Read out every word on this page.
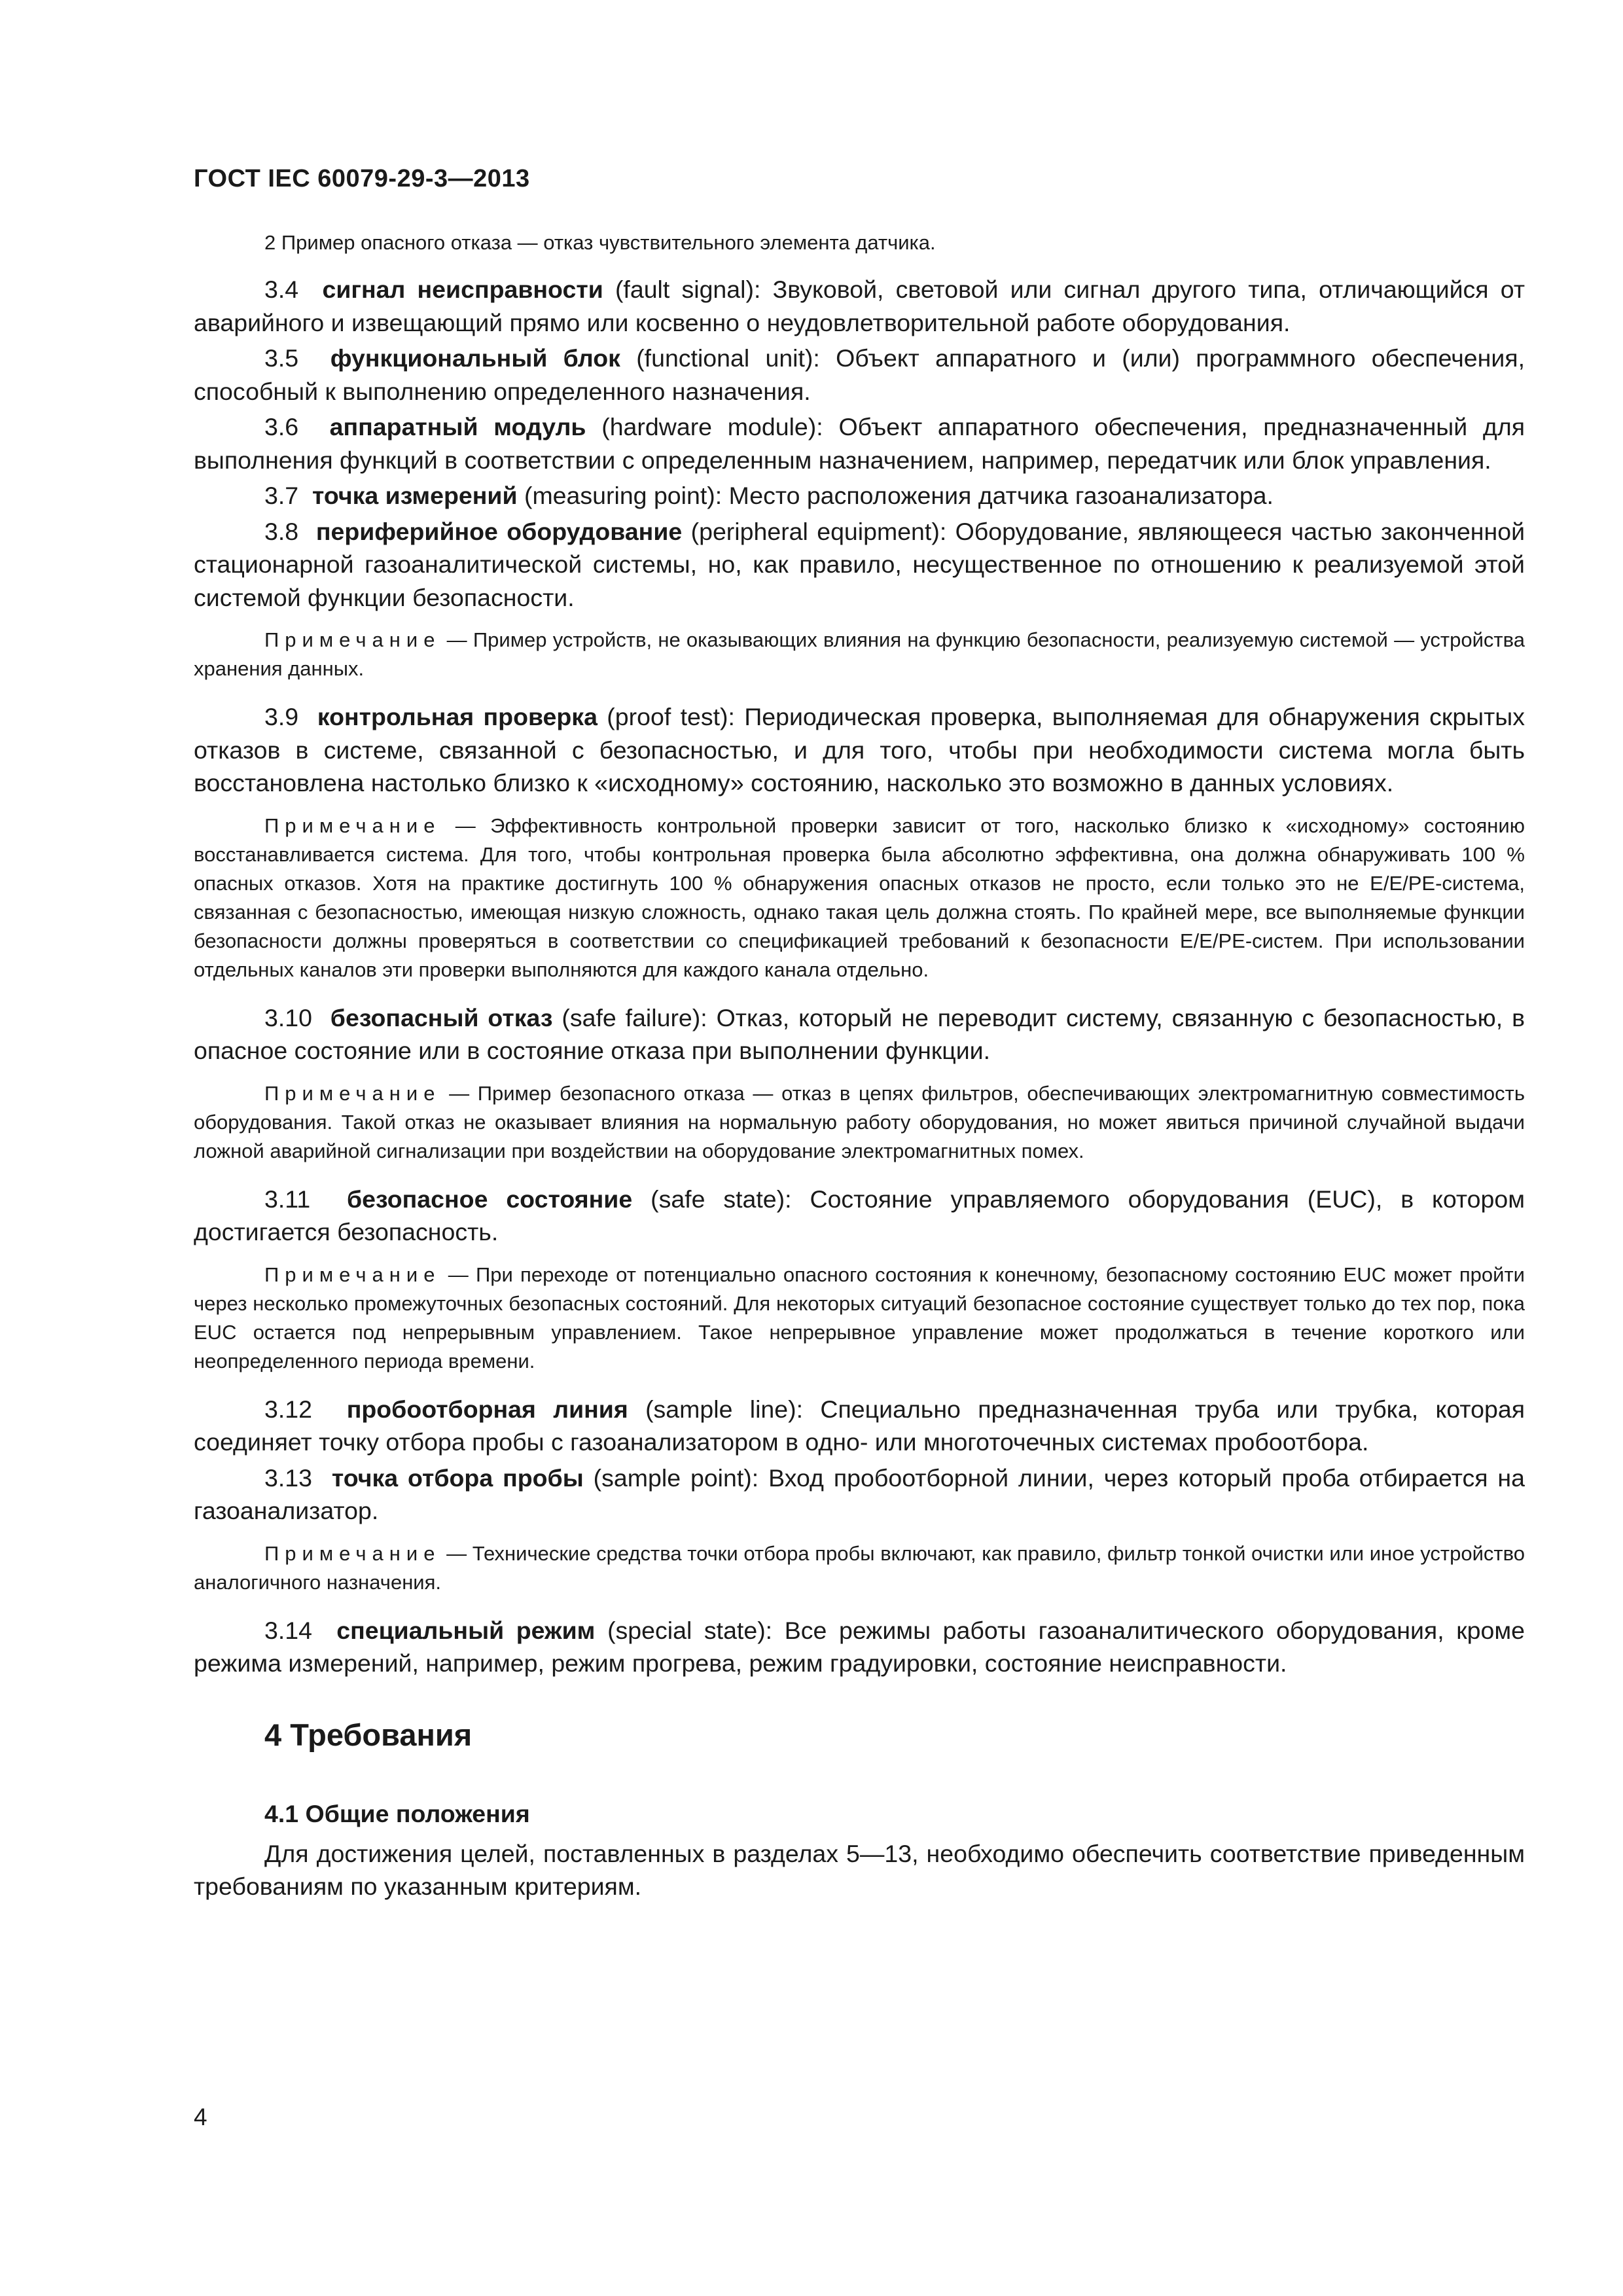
ГОСТ IEC 60079-29-3—2013

2 Пример опасного отказа — отказ чувствительного элемента датчика.

3.4 сигнал неисправности (fault signal): Звуковой, световой или сигнал другого типа, отличающийся от аварийного и извещающий прямо или косвенно о неудовлетворительной работе оборудования.

3.5 функциональный блок (functional unit): Объект аппаратного и (или) программного обеспечения, способный к выполнению определенного назначения.

3.6 аппаратный модуль (hardware module): Объект аппаратного обеспечения, предназначенный для выполнения функций в соответствии с определенным назначением, например, передатчик или блок управления.

3.7 точка измерений (measuring point): Место расположения датчика газоанализатора.

3.8 периферийное оборудование (peripheral equipment): Оборудование, являющееся частью законченной стационарной газоаналитической системы, но, как правило, несущественное по отношению к реализуемой этой системой функции безопасности.

Примечание — Пример устройств, не оказывающих влияния на функцию безопасности, реализуемую системой — устройства хранения данных.

3.9 контрольная проверка (proof test): Периодическая проверка, выполняемая для обнаружения скрытых отказов в системе, связанной с безопасностью, и для того, чтобы при необходимости система могла быть восстановлена настолько близко к «исходному» состоянию, насколько это возможно в данных условиях.

Примечание — Эффективность контрольной проверки зависит от того, насколько близко к «исходному» состоянию восстанавливается система. Для того, чтобы контрольная проверка была абсолютно эффективна, она должна обнаруживать 100 % опасных отказов. Хотя на практике достигнуть 100 % обнаружения опасных отказов не просто, если только это не E/E/PE-система, связанная с безопасностью, имеющая низкую сложность, однако такая цель должна стоять. По крайней мере, все выполняемые функции безопасности должны проверяться в соответствии со спецификацией требований к безопасности E/E/PE-систем. При использовании отдельных каналов эти проверки выполняются для каждого канала отдельно.

3.10 безопасный отказ (safe failure): Отказ, который не переводит систему, связанную с безопасностью, в опасное состояние или в состояние отказа при выполнении функции.

Примечание — Пример безопасного отказа — отказ в цепях фильтров, обеспечивающих электромагнитную совместимость оборудования. Такой отказ не оказывает влияния на нормальную работу оборудования, но может явиться причиной случайной выдачи ложной аварийной сигнализации при воздействии на оборудование электромагнитных помех.

3.11 безопасное состояние (safe state): Состояние управляемого оборудования (EUC), в котором достигается безопасность.

Примечание — При переходе от потенциально опасного состояния к конечному, безопасному состоянию EUC может пройти через несколько промежуточных безопасных состояний. Для некоторых ситуаций безопасное состояние существует только до тех пор, пока EUC остается под непрерывным управлением. Такое непрерывное управление может продолжаться в течение короткого или неопределенного периода времени.

3.12 пробоотборная линия (sample line): Специально предназначенная труба или трубка, которая соединяет точку отбора пробы с газоанализатором в одно- или многоточечных системах пробоотбора.

3.13 точка отбора пробы (sample point): Вход пробоотборной линии, через который проба отбирается на газоанализатор.

Примечание — Технические средства точки отбора пробы включают, как правило, фильтр тонкой очистки или иное устройство аналогичного назначения.

3.14 специальный режим (special state): Все режимы работы газоаналитического оборудования, кроме режима измерений, например, режим прогрева, режим градуировки, состояние неисправности.

4 Требования
4.1 Общие положения

Для достижения целей, поставленных в разделах 5—13, необходимо обеспечить соответствие приведенным требованиям по указанным критериям.

4
